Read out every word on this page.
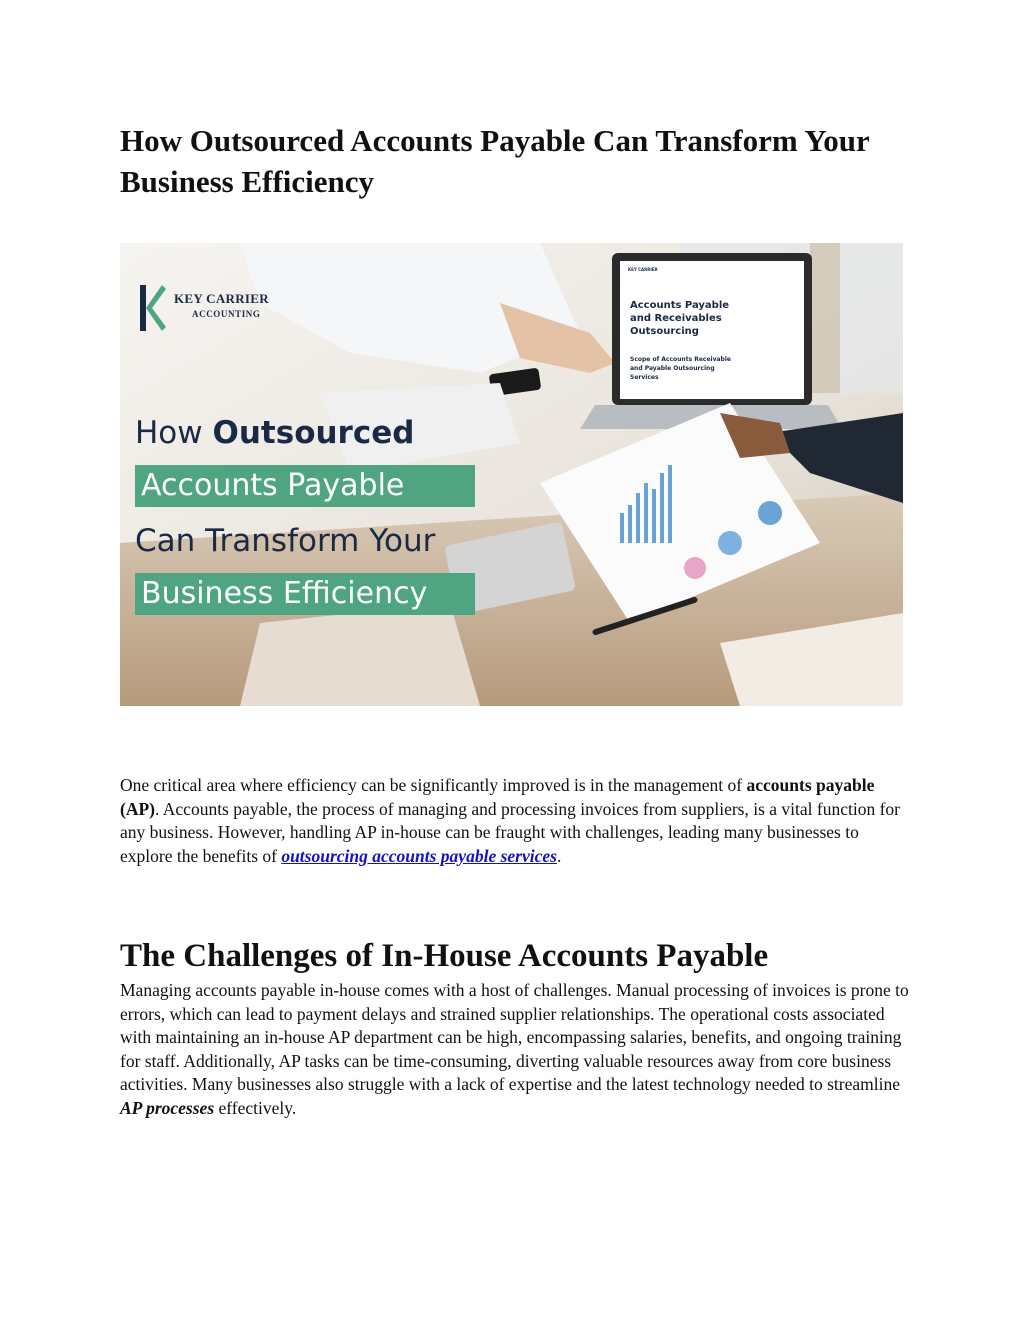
How Outsourced Accounts Payable Can Transform Your Business Efficiency
KEY CARRIER
ACCOUNTING
KEY CARRIER
Accounts Payable and Receivables Outsourcing
Scope of Accounts Receivable and Payable Outsourcing Services
How Outsourced
Accounts Payable
Can Transform Your
Business Efficiency

One critical area where efficiency can be significantly improved is in the management of accounts payable (AP). Accounts payable, the process of managing and processing invoices from suppliers, is a vital function for any business. However, handling AP in-house can be fraught with challenges, leading many businesses to explore the benefits of outsourcing accounts payable services.

The Challenges of In-House Accounts Payable

Managing accounts payable in-house comes with a host of challenges. Manual processing of invoices is prone to errors, which can lead to payment delays and strained supplier relationships. The operational costs associated with maintaining an in-house AP department can be high, encompassing salaries, benefits, and ongoing training for staff. Additionally, AP tasks can be time-consuming, diverting valuable resources away from core business activities. Many businesses also struggle with a lack of expertise and the latest technology needed to streamline AP processes effectively.
